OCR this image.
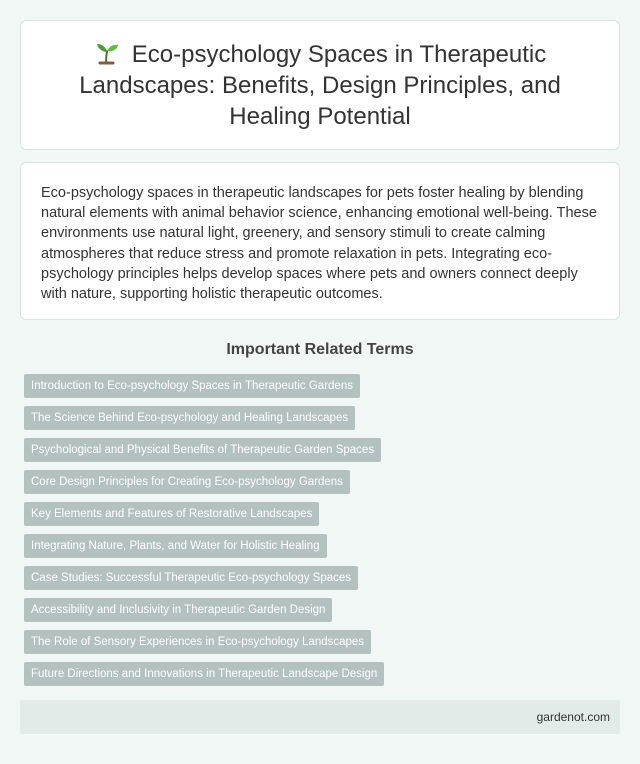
Eco-psychology Spaces in Therapeutic Landscapes: Benefits, Design Principles, and Healing Potential

Eco-psychology spaces in therapeutic landscapes for pets foster healing by blending natural elements with animal behavior science, enhancing emotional well-being. These environments use natural light, greenery, and sensory stimuli to create calming atmospheres that reduce stress and promote relaxation in pets. Integrating eco-psychology principles helps develop spaces where pets and owners connect deeply with nature, supporting holistic therapeutic outcomes.

Important Related Terms
Introduction to Eco-psychology Spaces in Therapeutic Gardens
The Science Behind Eco-psychology and Healing Landscapes
Psychological and Physical Benefits of Therapeutic Garden Spaces
Core Design Principles for Creating Eco-psychology Gardens
Key Elements and Features of Restorative Landscapes
Integrating Nature, Plants, and Water for Holistic Healing
Case Studies: Successful Therapeutic Eco-psychology Spaces
Accessibility and Inclusivity in Therapeutic Garden Design
The Role of Sensory Experiences in Eco-psychology Landscapes
Future Directions and Innovations in Therapeutic Landscape Design
gardenot.com
